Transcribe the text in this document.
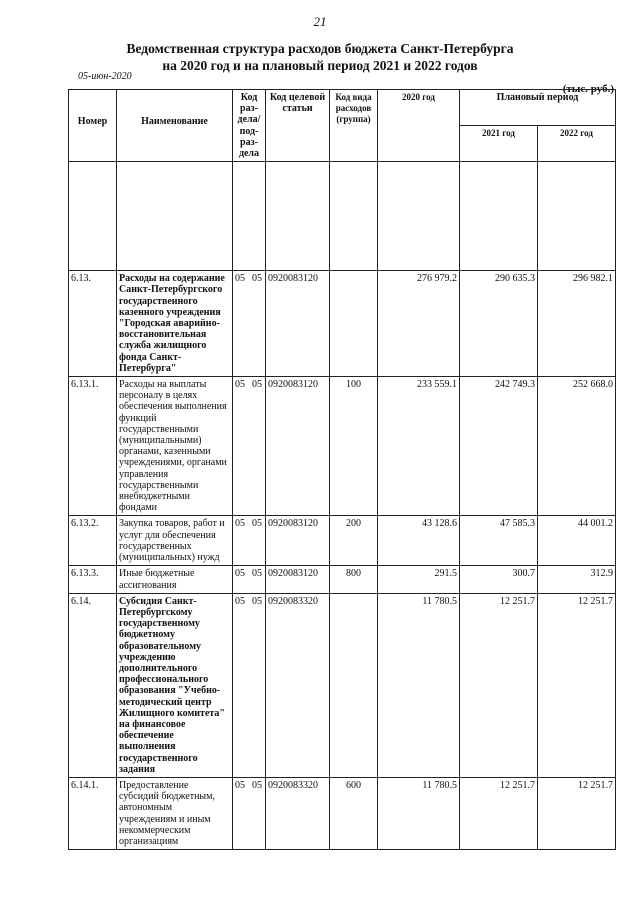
21
Ведомственная структура расходов бюджета Санкт-Петербурга
на 2020 год и на плановый период 2021 и 2022 годов
05-июн-2020
(тыс. руб.)
Номер	Наименование	Код раз-дела/ под-раз-дела	Код целевой статьи	Код вида расходов (группа)	2020 год	Плановый период	
						2021 год	2022 год

6.13.	Расходы на содержание Санкт-Петербургского государственного казенного учреждения "Городская аварийно-восстановительная служба жилищного фонда Санкт-Петербурга"	05 05	0920083120		276 979.2	290 635.3	296 982.1
6.13.1.	Расходы на выплаты персоналу в целях обеспечения выполнения функций государственными (муниципальными) органами, казенными учреждениями, органами управления государственными внебюджетными фондами	05 05	0920083120	100	233 559.1	242 749.3	252 668.0
6.13.2.	Закупка товаров, работ и услуг для обеспечения государственных (муниципальных) нужд	05 05	0920083120	200	43 128.6	47 585.3	44 001.2
6.13.3.	Иные бюджетные ассигнования	05 05	0920083120	800	291.5	300.7	312.9
6.14.	Субсидия Санкт-Петербургскому государственному бюджетному образовательному учреждению дополнительного профессионального образования "Учебно-методический центр Жилищного комитета" на финансовое обеспечение выполнения государственного задания	05 05	0920083320		11 780.5	12 251.7	12 251.7
6.14.1.	Предоставление субсидий бюджетным, автономным учреждениям и иным некоммерческим организациям	05 05	0920083320	600	11 780.5	12 251.7	12 251.7
